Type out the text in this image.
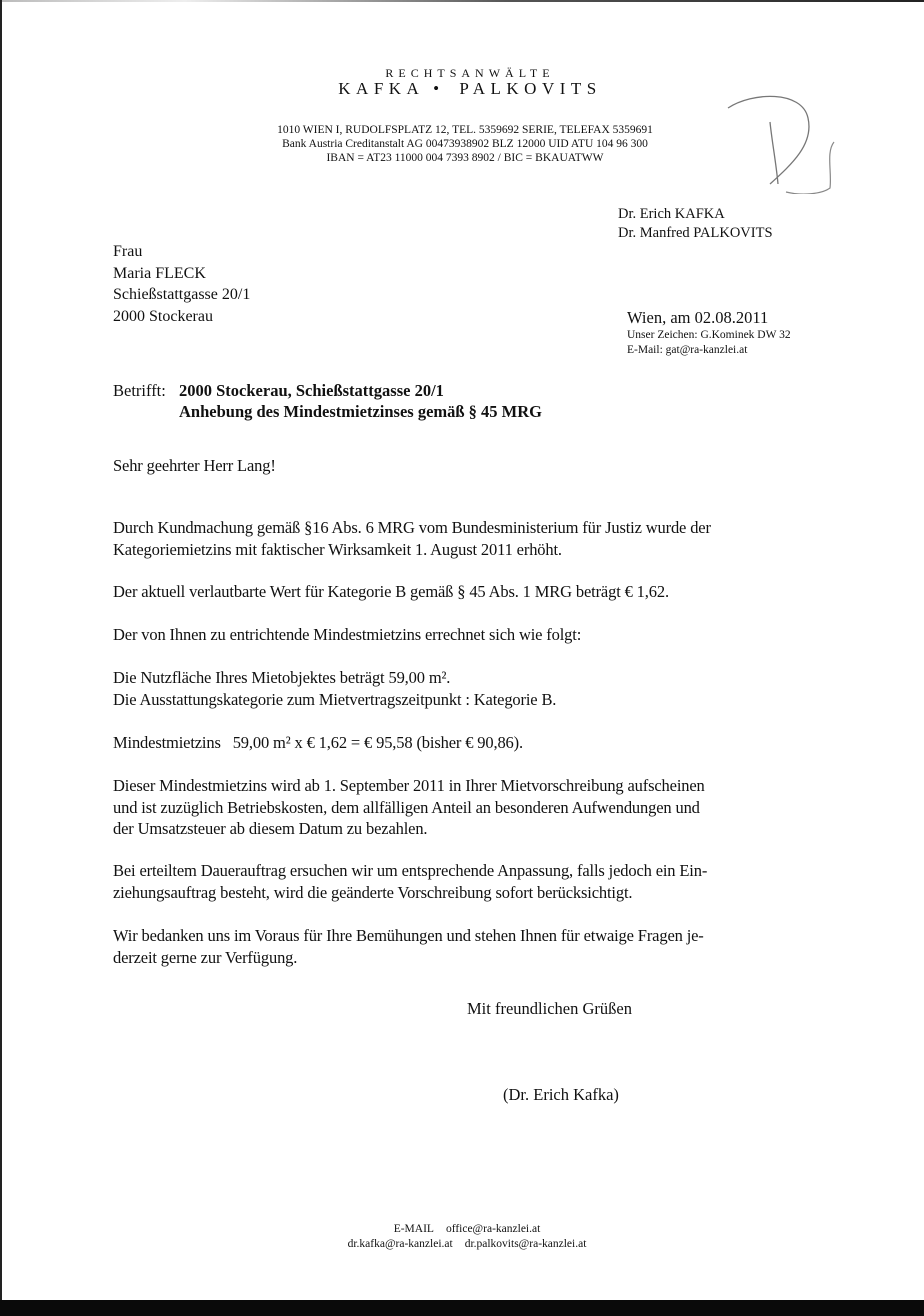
RECHTSANWÄLTE
KAFKA • PALKOVITS
1010 WIEN I, RUDOLFSPLATZ 12, TEL. 5359692 SERIE, TELEFAX 5359691
Bank Austria Creditanstalt AG 00473938902 BLZ 12000 UID ATU 104 96 300
IBAN = AT23 11000 004 7393 8902 / BIC = BKAUATWW
Dr. Erich KAFKA
Dr. Manfred PALKOVITS
Frau
Maria FLECK
Schießstattgasse 20/1
2000 Stockerau	Wien, am 02.08.2011
Unser Zeichen: G.Kominek DW 32
E-Mail: gat@ra-kanzlei.at
Betrifft: 2000 Stockerau, Schießstattgasse 20/1
Anhebung des Mindestmietzinses gemäß § 45 MRG
Sehr geehrter Herr Lang!
Durch Kundmachung gemäß §16 Abs. 6 MRG vom Bundesministerium für Justiz wurde der
Kategoriemietzins mit faktischer Wirksamkeit 1. August 2011 erhöht.
Der aktuell verlautbarte Wert für Kategorie B gemäß § 45 Abs. 1 MRG beträgt € 1,62.
Der von Ihnen zu entrichtende Mindestmietzins errechnet sich wie folgt:
Die Nutzfläche Ihres Mietobjektes beträgt 59,00 m².
Die Ausstattungskategorie zum Mietvertragszeitpunkt : Kategorie B.
Mindestmietzins 59,00 m² x € 1,62 = € 95,58 (bisher € 90,86).
Dieser Mindestmietzins wird ab 1. September 2011 in Ihrer Mietvorschreibung aufscheinen
und ist zuzüglich Betriebskosten, dem allfälligen Anteil an besonderen Aufwendungen und
der Umsatzsteuer ab diesem Datum zu bezahlen.
Bei erteiltem Dauerauftrag ersuchen wir um entsprechende Anpassung, falls jedoch ein Ein-
ziehungsauftrag besteht, wird die geänderte Vorschreibung sofort berücksichtigt.
Wir bedanken uns im Voraus für Ihre Bemühungen und stehen Ihnen für etwaige Fragen je-
derzeit gerne zur Verfügung.
Mit freundlichen Grüßen
(Dr. Erich Kafka)
E-MAIL office@ra-kanzlei.at
dr.kafka@ra-kanzlei.at dr.palkovits@ra-kanzlei.at
